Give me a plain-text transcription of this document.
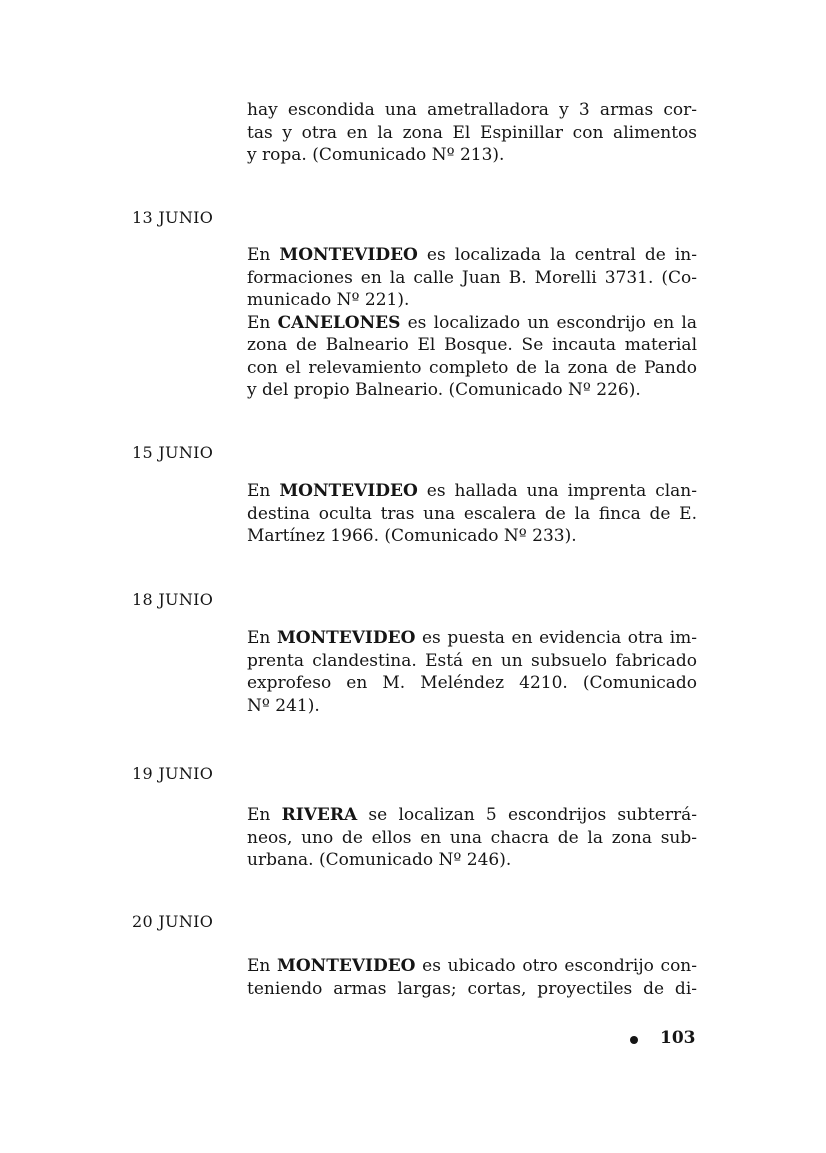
hay escondida una ametralladora y 3 armas cor-
tas y otra en la zona El Espinillar con alimentos
y ropa. (Comunicado Nº 213).
13 JUNIO
En MONTEVIDEO es localizada la central de in-
formaciones en la calle Juan B. Morelli 3731. (Co-
municado Nº 221).
En CANELONES es localizado un escondrijo en la
zona de Balneario El Bosque. Se incauta material
con el relevamiento completo de la zona de Pando
y del propio Balneario. (Comunicado Nº 226).
15 JUNIO
En MONTEVIDEO es hallada una imprenta clan-
destina oculta tras una escalera de la finca de E.
Martínez 1966. (Comunicado Nº 233).
18 JUNIO
En MONTEVIDEO es puesta en evidencia otra im-
prenta clandestina. Está en un subsuelo fabricado
exprofeso en M. Meléndez 4210. (Comunicado
Nº 241).
19 JUNIO
En RIVERA se localizan 5 escondrijos subterrá-
neos, uno de ellos en una chacra de la zona sub-
urbana. (Comunicado Nº 246).
20 JUNIO
En MONTEVIDEO es ubicado otro escondrijo con-
teniendo armas largas; cortas, proyectiles de di-
103
